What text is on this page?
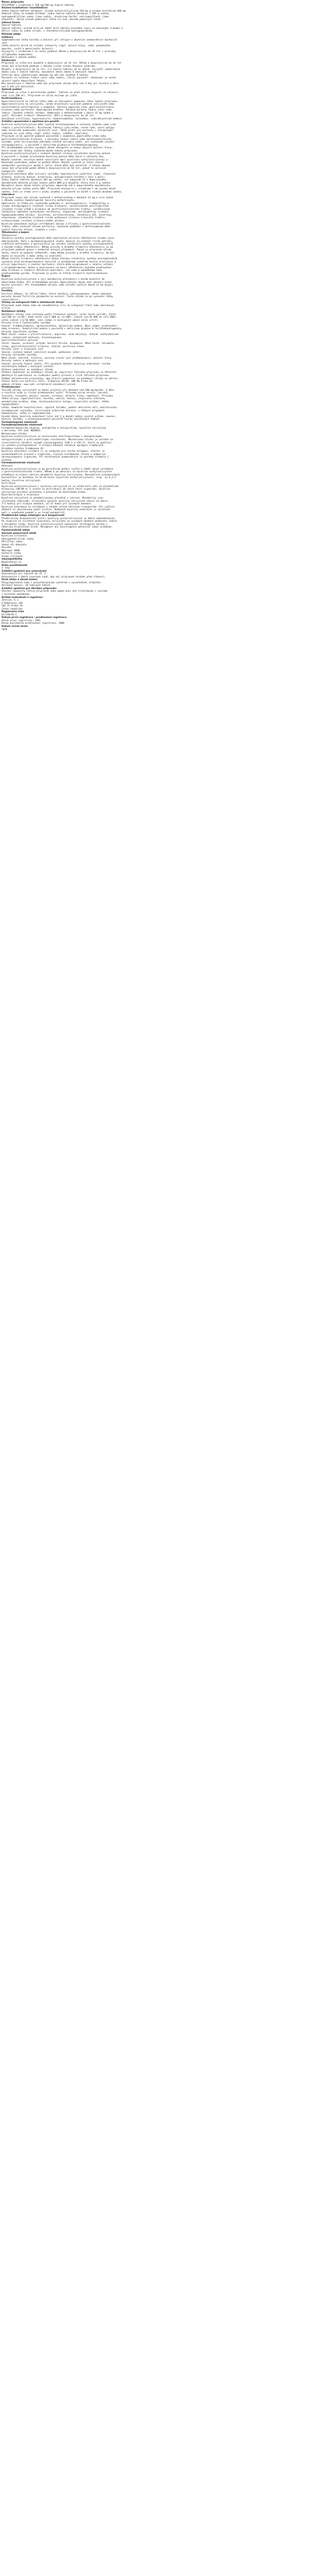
Název přípravku
ACYLPYRIN s vitaminem C 320 mg/200 mg šumivé tablety
Složení kvalitativní i kvantitativní
Jedna šumivá tableta obsahuje: acidum acetylsalicylicum 320 mg a acidum ascorbicum 200 mg.
Pomocné látky se známým účinkem: jedna šumivá tableta obsahuje 7,185 g sodíku,
hydrogenuhličitan sodný (jako sodík), dinatrium-fosfát, natriumsulfonát (jako
dihydrát). Úplný seznam pomocných látek viz bod „Seznam pomocných látek".
Léková forma
Šumivá tableta.
Šumivé tablety: ploché bílé až téměř bílé tablety kulatého tvaru se zkosenými hranami a
dělicí rýhou na jedné straně, s charakteristickým hydrogenproblém.
Klinické údaje
Indikace
Symptomatická léčba horečky a bolestí při chřipce a akutních onemocněních dýchacích
cest.
Léčba bolestí mírné až střední intenzity (např. bolest hlavy, zubů, pohybového
aparátu, svalů a menstruační bolesti).
Acylpyrin s vitaminem C se nesmí podávat dětem a dospívajícím do 16 let s příznaky
chřipkového onemocnění.
Dávkování a způsob podání
Dávkování
Přípravek je určen pro dospělé a dospívající od 16 let. Dětem a dospívajícím do 16 let
nesmí být přípravek podáván z důvodu rizika vzniku Reyeova syndromu.
Dospělí a dospívající od 16 let: 1–2 šumivé tablety až 3× denně, nejvyšší jednorázová
dávka jsou 2 šumivé tablety, maximální denní dávka 6 šumivých tablet.
Interval mezi jednotlivými dávkami by měl být nejméně 4 hodiny.
Pacienti se sníženou funkcí jater nebo ledvin, starší pacienti: dávkování je nutné
upravit podle doporučení lékaře.
Bez konzultace s lékařem nemá být přípravek užíván déle než 3 dny při horečce a déle
než 5 dnů při bolestech.
Způsob podání
Přípravek je určen k perorálnímu podání. Tableta se před užitím rozpustí ve sklenici
vody (cca 200 ml). Přípravek se užívá nejlépe po jídle.
Kontraindikace
Hypersenzitivita na léčivé látky nebo na kteroukoli pomocnou látku tohoto přípravku.
Hypersenzitivita na salicyláty, astma bronchiale vyvolané podáním salicylátů nebo
nesteroidních antiflogistik v anamnéze. Aktivní peptický vřed, gastrointestinální
krvácení nebo perforace. Hemoragická diatéza. Závažná porucha funkce jater nebo
ledvin. Závažné srdeční selhání. Kombinace s methotrexátem v dávce 15 mg týdně a
vyšší. Poslední trimestr těhotenství. Děti a dospívající do 16 let.
Oxalátová urolitiáza, hyperoxalurie, hemochromatóza, talasémie, sideroblastická anémie.
Zvláštní upozornění a opatření pro použití
Kyselina acetylsalicylová může vyvolat bronchospasmus a záchvaty astmatu nebo jiné
reakce z přecitlivělosti. Rizikovými faktory jsou astma, senná rýma, nosní polypy
nebo chronická onemocnění dýchacích cest. Totéž platí pro pacienty s alergickými
reakcemi na jiné látky (např. kožní reakce, svědění, kopřivka).
Přípravek se má opatrně podávat pacientům s anamnézou peptického vředu nebo
gastrointestinálního krvácení, s poruchou funkce ledvin nebo kardiovaskulárního
systému, před chirurgickým zákrokem (včetně extrakce zubů), při současném užívání
antikoagulancií, u pacientů s deficitem glukózo-6-fosfátdehydrogenázy.
Při dlouhodobém užívání vysokých dávek analgetik se mohou objevit bolesti hlavy,
které nesmí být léčeny zvýšením dávek tohoto přípravku.
Kyselina acetylsalicylová v nízkých dávkách snižuje vylučování kyseliny močové.
U pacientů s nízkým vylučováním kyseliny močové může dojít k záchvatu dny.
Reyeův syndrom: existuje možná souvislost mezi kyselinou acetylsalicylovou a
Reyeovým syndromem, pokud se podává dětem. Reyeův syndrom je velmi vzácné
onemocnění postihující mozek a játra, které může být smrtelné. Z tohoto důvodu
nesmí být přípravek podán dětem a dospívajícím do 16 let, pokud to výslovně
nedoporučí lékař.
Kyselina askorbová může ovlivnit výsledky laboratorních vyšetření (např. stanovení
glukózy, kyseliny močové, kreatininu, anorganických fosfátů v séru a moči).
Jedna šumivá tableta obsahuje 445 mg sodíku, což odpovídá 22 % doporučeného
maximálního denního příjmu sodíku podle WHO pro dospělé, který činí 2 g sodíku.
Maximální denní dávka tohoto přípravku odpovídá 134 % doporučeného maximálního
denního příjmu sodíku podle WHO. Přípravek Acylpyrin s vitaminem C má vysoký obsah
sodíku. Toto je třeba vzít v úvahu zejména u pacientů na dietě s nízkým obsahem sodíku.
Interakce
Přípravek nesmí být užíván současně s methotrexátem v dávkách 15 mg a více týdně
z důvodu zvýšení hematologické toxicity methotrexátu.
Opatrnosti je třeba při současném podávání s: antikoagulancii, trombolytiky a
jinými antiagregancii (zvýšené riziko krvácení), nesteroidními antiflogistiky
(zvýšené riziko vředů a krvácení do gastrointestinálního traktu), selektivními
inhibitory zpětného vychytávání serotoninu, digoxinem, antidiabetiky (zvýšení
hypoglykemického účinku), diuretiky, kortikosteroidy, inhibitory ACE, kyselinou
valproovou, alkoholem (zvýšené riziko poškození sliznice trávicího traktu),
urikosurikami (snížení urikosurického účinku).
Kyselina askorbová zvyšuje vstřebávání železa a hliníku z gastrointestinálního
traktu, může snižovat účinek warfarinu. Současné podávání s deferoxaminem může
zvýšit toxicitu železa, zejména v srdci.
Těhotenství a kojení
Těhotenství
Inhibice syntézy prostaglandinů může nepříznivě ovlivnit těhotenství a/nebo vývoj
embrya/plodu. Data z epidemiologických studií ukazují na zvýšené riziko potratu,
srdečních malformací a gastroschízy po užívání inhibitorů syntézy prostaglandinů
v časném stádiu těhotenství. Během prvního a druhého trimestru těhotenství se má
přípravek podávat pouze v nezbytně nutných případech. Pokud je přípravek užíván
ženou, která se pokouší otěhotnět, nebo během prvního a druhého trimestru, má být
dávka co nejnižší a doba léčby co nejkratší.
Během třetího trimestru těhotenství mohou všechny inhibitory syntézy prostaglandinů
vystavit plod kardiopulmonální toxicitě (s předčasným uzávěrem ductus arteriosus a
plicní hypertenzí) a renální dysfunkci, která může progredovat v renální selhání
s oligohydramniem; matku a novorozence na konci těhotenství možnému prodloužení
doby krvácení a inhibici děložních kontrakcí, což vede k opožděnému nebo
prodlouženému porodu. Přípravek je proto ve třetím trimestru kontraindikován.
Kojení
Kyselina acetylsalicylová a její metabolity přecházejí v malém množství do
mateřského mléka. Při krátkodobém užívání doporučených dávek není obvykle nutné
kojení přerušit. Při dlouhodobém užívání nebo užívání vyšších dávek se má kojení
přerušit.
Fertilita
Existují důkazy, že léčivé látky, které inhibují cyklooxygenázu, mohou způsobit
poruchu ženské fertility působením na ovulaci. Tento účinek je po vysazení léčby
reverzibilní.
Účinky na schopnost řídit a obsluhovat stroje
Přípravek nemá žádný nebo má zanedbatelný vliv na schopnost řídit nebo obsluhovat
stroje.
Nežádoucí účinky
Nežádoucí účinky jsou seřazeny podle frekvence výskytu: velmi časté (≥1/10); časté
(≥1/100 až <1/10); méně časté (≥1/1 000 až <1/100); vzácné (≥1/10 000 až <1/1 000);
velmi vzácné (<1/10 000); není známo (z dostupných údajů nelze určit).
Poruchy krve a lymfatického systému
Vzácné: trombocytopenie, agranulocytóza, aplastická anémie. Není známo: prodloužení
doby krvácení, hemolytická anémie u pacientů s deficitem glukózo-6-fosfátdehydrogenázy.
Poruchy imunitního systému
Méně časté: reakce z přecitlivělosti, kopřivka, otok obličeje. Vzácné: anafylaktické
reakce, astmatické záchvaty, bronchospasmus.
Gastrointestinální poruchy
Časté: nauzea, zvracení, průjem, bolesti břicha, dyspepsie. Méně časté: žaludeční
vředy, gastrointestinální krvácení. Vzácné: perforace vředu.
Poruchy jater a žlučových cest
Vzácné: zvýšení hodnot jaterních enzymů, poškození jater.
Poruchy nervového systému
Méně časté: závratě, tinnitus, poruchy sluchu (při předávkování), bolesti hlavy.
Poruchy ledvin a močových cest
Vzácné: poruchy funkce ledvin. Při vysokých dávkách kyseliny askorbové: tvorba
oxalátových kamenů v močových cestách.
Hlášení podezření na nežádoucí účinky
Hlášení podezření na nežádoucí účinky po registraci léčivého přípravku je důležité.
Umožňuje to pokračovat ve sledování poměru přínosů a rizik léčivého přípravku.
Žádáme zdravotnické pracovníky, aby hlásili podezření na nežádoucí účinky na adresu:
Státní ústav pro kontrolu léčiv, Šrobárova 49/48, 100 00 Praha 10,
webové stránky: www.sukl.cz/nahlasit-nezadouci-ucinek
Předávkování
Toxické účinky salicylátů se mohou projevit při dávkách nad 100 mg/kg/den. U dětí
a starších osob je riziko předávkování vyšší. Příznaky mírné otravy: závratě,
tinnitus, hluchota, pocení, nauzea, zvracení, bolesti hlavy, zmatenost. Příznaky
těžké otravy: hyperventilace, horečka, neklid, ketóza, respirační alkalóza,
metabolická acidóza, kóma, kardiovaskulární kolaps, respirační selhání, těžká
hypoglykémie.
Léčba: okamžitá hospitalizace, výplach žaludku, podání aktivního uhlí, monitorování
acidobazické rovnováhy, forsírovaná alkalická diuréza, v těžkých případech
hemodialýza. Léčba je symptomatická.
Vysoké dávky kyseliny askorbové (více než 3 g denně) mohou vyvolat průjem, nauzeu,
bolesti žaludku, u predisponovaných pacientů tvorbu oxalátových kamenů.
Farmakologické vlastnosti
Farmakodynamické vlastnosti
Farmakoterapeutická skupina: analgetika a antipyretika, kyselina salicylová
a deriváty. ATC kód: N02BA51
Mechanismus účinku
Kyselina acetylsalicylová je nesteroidní antiflogistikum s analgetickými,
antipyretickými a protizánětlivými vlastnostmi. Mechanismus účinku je založen na
ireverzibilní inhibici enzymů cyklooxygenázy (COX-1 a COX-2), které se podílejí
na syntéze prostaglandinů. V nízkých dávkách inhibuje agregaci trombocytů
blokádou syntézy tromboxanu A2.
Kyselina askorbová (vitamin C) je nezbytná pro tvorbu kolagenu, účastní se
oxidoredukčních procesů v organismu, zvyšuje vstřebávání železa a podporuje
obranyschopnost organismu. Při horečnatých onemocněních je potřeba vitaminu C
zvýšena.
Farmakokinetické vlastnosti
Absorpce
Kyselina acetylsalicylová se po perorálním podání rychle a téměř úplně vstřebává
z gastrointestinálního traktu. Během a po absorpci se kyselina acetylsalicylová
přeměňuje na hlavní aktivní metabolit kyselinu salicylovou. Maximálních plazmatických
koncentrací je dosaženo za 10–20 minut (kyselina acetylsalicylová), resp. za 0,3–2
hodiny (kyselina salicylová).
Distribuce
Kyselina acetylsalicylová i kyselina salicylová se ve velké míře váží na plazmatické
bílkoviny (80–90 %) a rychle se distribuují do všech částí organismu. Kyselina
salicylová prochází placentou a přechází do mateřského mléka.
Biotransformace a eliminace
Kyselina salicylová je metabolizována převážně v játrech. Metabolity jsou
vylučovány ledvinami. Eliminační poločas kyseliny salicylové závisí na dávce:
2–3 hodiny při nízkých dávkách, až 15 hodin při vysokých dávkách.
Kyselina askorbová se vstřebává v tenkém střevě aktivním transportem. Při vyšších
dávkách se absorbovaný podíl snižuje. Nadbytek kyseliny askorbové je vylučován
močí v nezměněné podobě a ve formě metabolitů.
Předklinické údaje vztahující se k bezpečnosti
Předklinický bezpečnostní profil kyseliny acetylsalicylové je dobře zdokumentován.
Ve studiích na zvířatech vyvolávaly salicyláty ve vysokých dávkách poškození ledvin
a žaludeční vředy. Kyselina acetylsalicylová vykazovala teratogenní účinky u
několika živočišných druhů. Mutagenní ani kancerogenní potenciál nebyl prokázán.
Farmaceutické údaje
Seznam pomocných látek
Kyselina citronová
Hydrogenuhličitan sodný
Uhličitan sodný
Sodná sůl dokusátu
Povidon
Makrogol 6000
Sacharin sodný
Aroma citronové
Inkompatibility
Neuplatňuje se.
Doba použitelnosti
3 roky
Zvláštní opatření pro uchovávání
Uchovávejte při teplotě do 25 °C.
Uchovávejte v dobře uzavřené tubě, aby byl přípravek chráněn před vlhkostí.
Druh obalu a obsah balení
Polypropylenová tuba s polyethylenovým uzávěrem s vysoušedlem, krabička.
Velikost balení: 10 šumivých tablet.
Zvláštní opatření pro likvidaci přípravku
Všechen nepoužitý léčivý přípravek nebo odpad musí být zlikvidován v souladu
s místními požadavky.
Držitel rozhodnutí o registraci
Zentiva, k.s.
U Kabelovny 130
102 37 Praha 10
Česká republika
Registrační číslo
07/158/91-C
Datum první registrace / prodloužení registrace
Datum první registrace: 1991
Datum posledního prodloužení registrace: 2008
Datum revize textu
2020
